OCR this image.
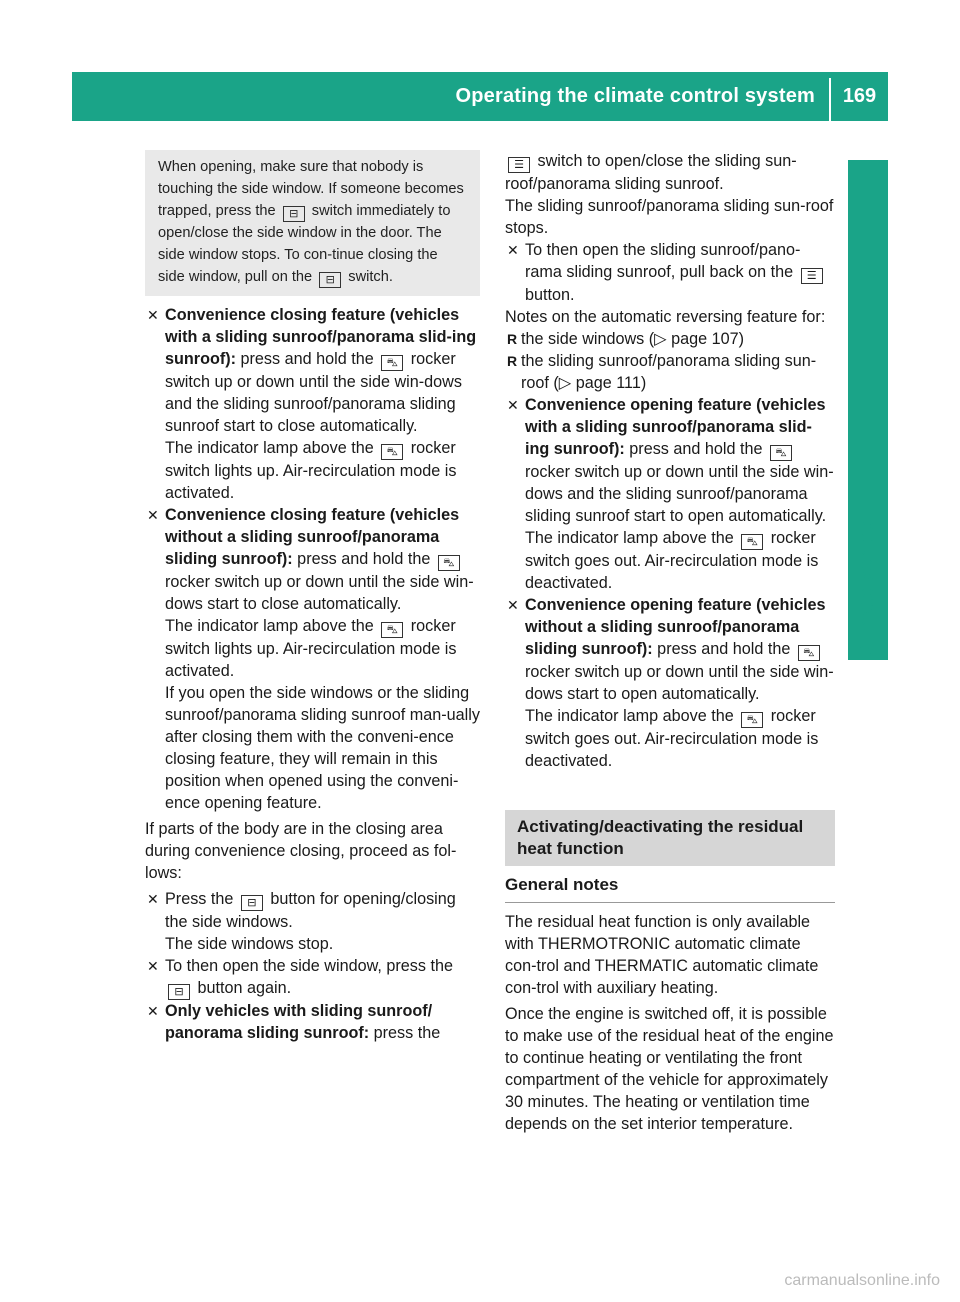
Operating the climate control system	169
Climate control
When opening, make sure that nobody is touching the side window. If someone becomes trapped, press the ⊟ switch immediately to open/close the side window in the door. The side window stops. To con-tinue closing the side window, pull on the ⊟ switch.
✕ Convenience closing feature (vehicles with a sliding sunroof/panorama slid-ing sunroof): press and hold the ⛍ rocker switch up or down until the side win-dows and the sliding sunroof/panorama sliding sunroof start to close automatically.
The indicator lamp above the ⛍ rocker switch lights up. Air-recirculation mode is activated.
✕ Convenience closing feature (vehicles without a sliding sunroof/panorama sliding sunroof): press and hold the ⛍ rocker switch up or down until the side win-dows start to close automatically.
The indicator lamp above the ⛍ rocker switch lights up. Air-recirculation mode is activated.
If you open the side windows or the sliding sunroof/panorama sliding sunroof man-ually after closing them with the conveni-ence closing feature, they will remain in this position when opened using the conveni-ence opening feature.

If parts of the body are in the closing area during convenience closing, proceed as fol-lows:

✕ Press the ⊟ button for opening/closing the side windows.
The side windows stop.
✕ To then open the side window, press the ⊟ button again.
✕ Only vehicles with sliding sunroof/ panorama sliding sunroof: press the

☰ switch to open/close the sliding sun-roof/panorama sliding sunroof.
The sliding sunroof/panorama sliding sun-roof stops.

✕ To then open the sliding sunroof/pano-rama sliding sunroof, pull back on the ☰ button.

Notes on the automatic reversing feature for:

R the side windows (▷ page 107)
R the sliding sunroof/panorama sliding sun-roof (▷ page 111)
✕ Convenience opening feature (vehicles with a sliding sunroof/panorama slid-ing sunroof): press and hold the ⛍ rocker switch up or down until the side win-dows and the sliding sunroof/panorama sliding sunroof start to open automatically.
The indicator lamp above the ⛍ rocker switch goes out. Air-recirculation mode is deactivated.
✕ Convenience opening feature (vehicles without a sliding sunroof/panorama sliding sunroof): press and hold the ⛍ rocker switch up or down until the side win-dows start to open automatically.
The indicator lamp above the ⛍ rocker switch goes out. Air-recirculation mode is deactivated.
Activating/deactivating the residual heat function
General notes

The residual heat function is only available with THERMOTRONIC automatic climate con-trol and THERMATIC automatic climate con-trol with auxiliary heating.

Once the engine is switched off, it is possible to make use of the residual heat of the engine to continue heating or ventilating the front compartment of the vehicle for approximately 30 minutes. The heating or ventilation time depends on the set interior temperature.

carmanualsonline.info
